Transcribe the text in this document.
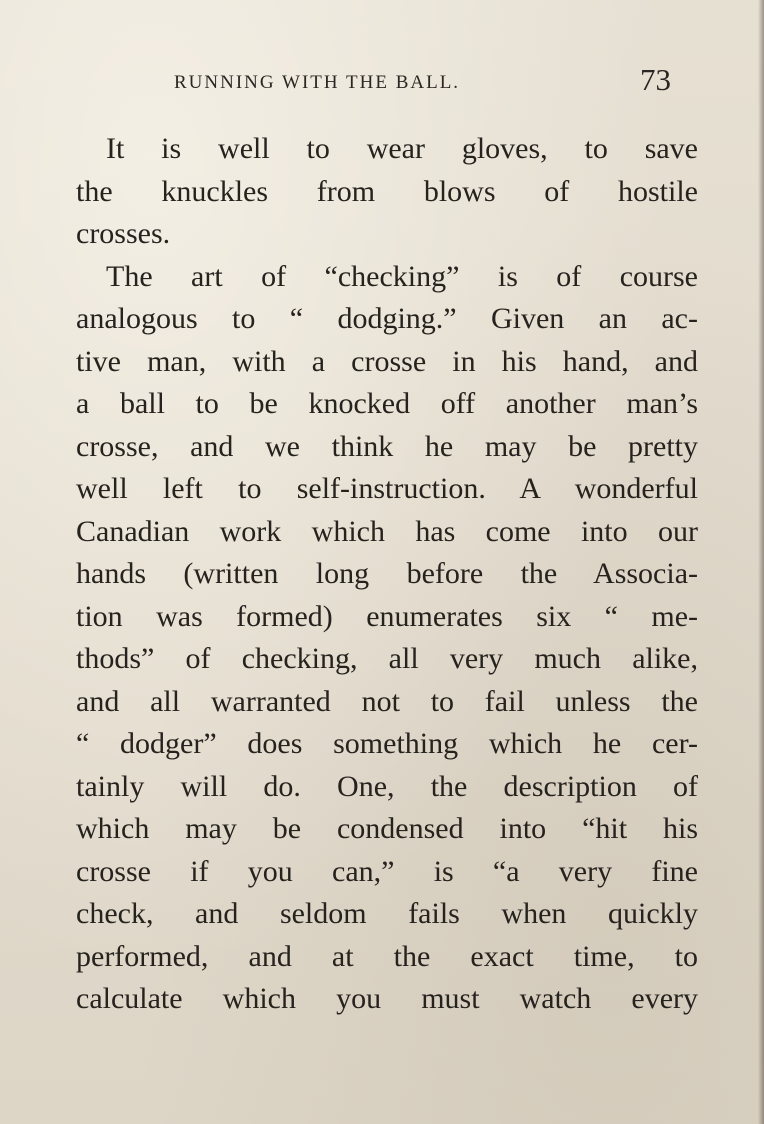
RUNNING WITH THE BALL.	73
It is well to wear gloves, to save
the knuckles from blows of hostile
crosses.
The art of “checking” is of course
analogous to “ dodging.” Given an ac-
tive man, with a crosse in his hand, and
a ball to be knocked off another man’s
crosse, and we think he may be pretty
well left to self-instruction. A wonderful
Canadian work which has come into our
hands (written long before the Associa-
tion was formed) enumerates six “ me-
thods” of checking, all very much alike,
and all warranted not to fail unless the
“ dodger” does something which he cer-
tainly will do. One, the description of
which may be condensed into “hit his
crosse if you can,” is “a very fine
check, and seldom fails when quickly
performed, and at the exact time, to
calculate which you must watch every
